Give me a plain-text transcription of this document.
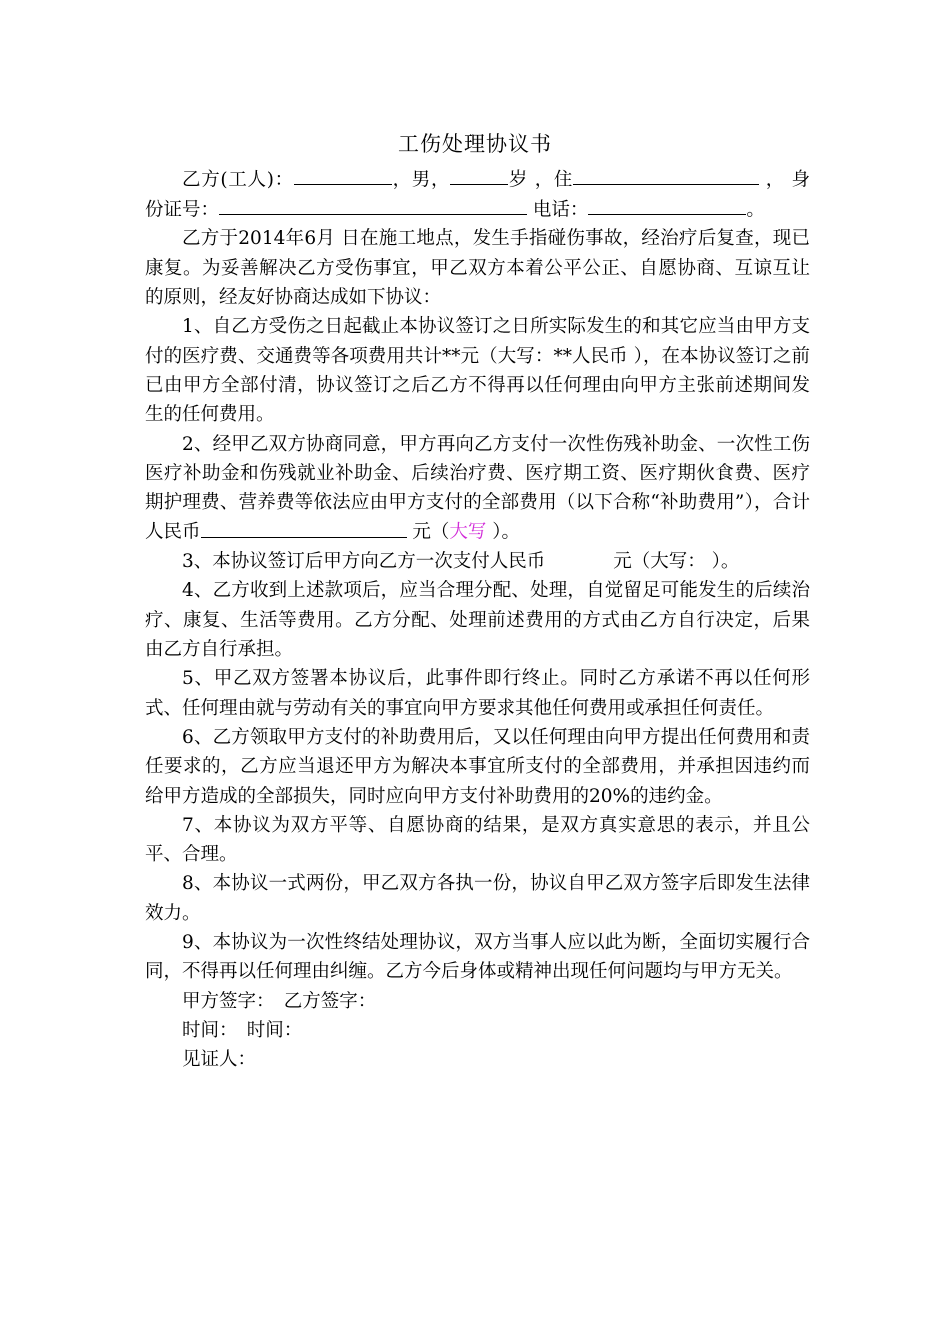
工伤处理协议书

乙方(工人)：	，男，	岁 ，住	， 身份证号：	电话：	。

乙方于2014年6月 日在施工地点，发生手指碰伤事故，经治疗后复查，现已康复。为妥善解决乙方受伤事宜，甲乙双方本着公平公正、自愿协商、互谅互让的原则，经友好协商达成如下协议：

1、自乙方受伤之日起截止本协议签订之日所实际发生的和其它应当由甲方支付的医疗费、交通费等各项费用共计**元（大写：**人民币 ），在本协议签订之前已由甲方全部付清，协议签订之后乙方不得再以任何理由向甲方主张前述期间发生的任何费用。

2、经甲乙双方协商同意，甲方再向乙方支付一次性伤残补助金、一次性工伤医疗补助金和伤残就业补助金、后续治疗费、医疗期工资、医疗期伙食费、医疗期护理费、营养费等依法应由甲方支付的全部费用（以下合称“补助费用”），合计人民币	元（大写 ）。

3、本协议签订后甲方向乙方一次支付人民币	元（大写： ）。

4、乙方收到上述款项后，应当合理分配、处理，自觉留足可能发生的后续治疗、康复、生活等费用。乙方分配、处理前述费用的方式由乙方自行决定，后果由乙方自行承担。

5、甲乙双方签署本协议后，此事件即行终止。同时乙方承诺不再以任何形式、任何理由就与劳动有关的事宜向甲方要求其他任何费用或承担任何责任。

6、乙方领取甲方支付的补助费用后，又以任何理由向甲方提出任何费用和责任要求的，乙方应当退还甲方为解决本事宜所支付的全部费用，并承担因违约而给甲方造成的全部损失，同时应向甲方支付补助费用的20%的违约金。

7、本协议为双方平等、自愿协商的结果，是双方真实意思的表示，并且公平、合理。

8、本协议一式两份，甲乙双方各执一份，协议自甲乙双方签字后即发生法律效力。

9、本协议为一次性终结处理协议，双方当事人应以此为断，全面切实履行合同，不得再以任何理由纠缠。乙方今后身体或精神出现任何问题均与甲方无关。

甲方签字：　乙方签字：

时间：　时间：

见证人：
